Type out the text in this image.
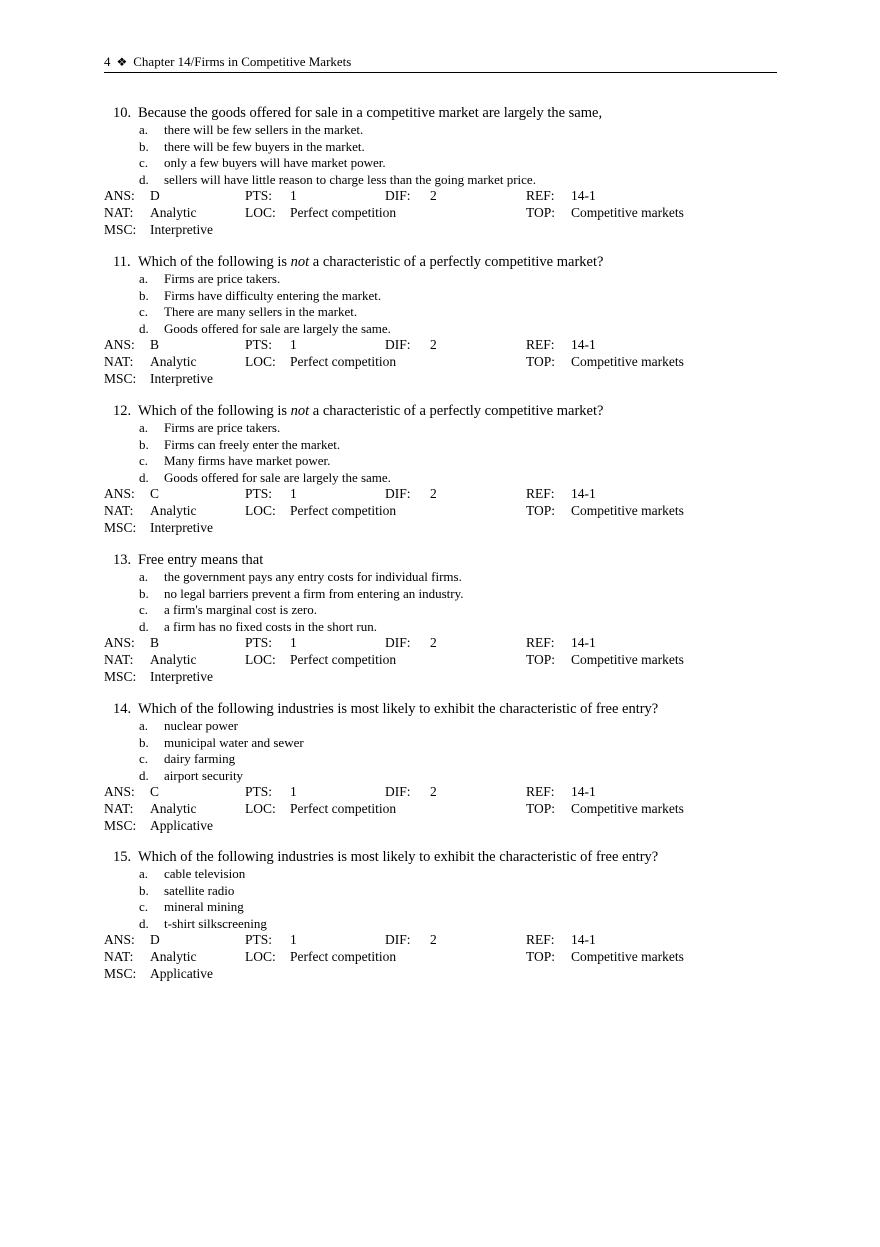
4 ❖ Chapter 14/Firms in Competitive Markets
10. Because the goods offered for sale in a competitive market are largely the same,
a. there will be few sellers in the market.
b. there will be few buyers in the market.
c. only a few buyers will have market power.
d. sellers will have little reason to charge less than the going market price.
ANS: D	PTS: 1	DIF: 2	REF: 14-1
NAT: Analytic	LOC: Perfect competition	TOP: Competitive markets
MSC: Interpretive
11. Which of the following is not a characteristic of a perfectly competitive market?
a. Firms are price takers.
b. Firms have difficulty entering the market.
c. There are many sellers in the market.
d. Goods offered for sale are largely the same.
ANS: B	PTS: 1	DIF: 2	REF: 14-1
NAT: Analytic	LOC: Perfect competition	TOP: Competitive markets
MSC: Interpretive
12. Which of the following is not a characteristic of a perfectly competitive market?
a. Firms are price takers.
b. Firms can freely enter the market.
c. Many firms have market power.
d. Goods offered for sale are largely the same.
ANS: C	PTS: 1	DIF: 2	REF: 14-1
NAT: Analytic	LOC: Perfect competition	TOP: Competitive markets
MSC: Interpretive
13. Free entry means that
a. the government pays any entry costs for individual firms.
b. no legal barriers prevent a firm from entering an industry.
c. a firm's marginal cost is zero.
d. a firm has no fixed costs in the short run.
ANS: B	PTS: 1	DIF: 2	REF: 14-1
NAT: Analytic	LOC: Perfect competition	TOP: Competitive markets
MSC: Interpretive
14. Which of the following industries is most likely to exhibit the characteristic of free entry?
a. nuclear power
b. municipal water and sewer
c. dairy farming
d. airport security
ANS: C	PTS: 1	DIF: 2	REF: 14-1
NAT: Analytic	LOC: Perfect competition	TOP: Competitive markets
MSC: Applicative
15. Which of the following industries is most likely to exhibit the characteristic of free entry?
a. cable television
b. satellite radio
c. mineral mining
d. t-shirt silkscreening
ANS: D	PTS: 1	DIF: 2	REF: 14-1
NAT: Analytic	LOC: Perfect competition	TOP: Competitive markets
MSC: Applicative
